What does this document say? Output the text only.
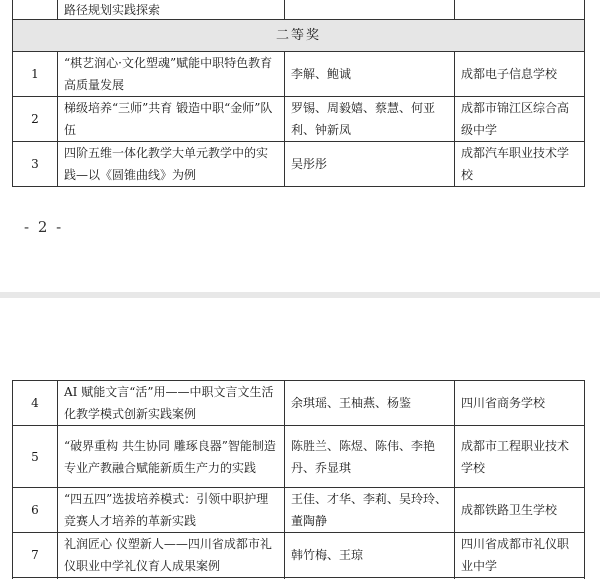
	路径规划实践探索		
二等奖			
1	“棋艺润心·文化塑魂”赋能中职特色教育高质量发展	李解、鲍诚	成都电子信息学校
2	梯级培养“三师”共育 锻造中职“金师”队伍	罗锡、周毅嬉、蔡慧、何亚利、钟新凤	成都市锦江区综合高级中学
3	四阶五维一体化教学大单元教学中的实践—以《圆锥曲线》为例	吴彤彤	成都汽车职业技术学校
- 2 -
4	AI 赋能文言“活”用——中职文言文生活化教学模式创新实践案例	余琪瑶、王柚燕、杨鉴	四川省商务学校
5	“破界重构 共生协同 雕琢良器”智能制造专业产教融合赋能新质生产力的实践	陈胜兰、陈煜、陈伟、李艳丹、乔显琪	成都市工程职业技术学校
6	“四五四”选拔培养模式：引领中职护理竞赛人才培养的革新实践	王佳、才华、李莉、吴玲玲、董陶静	成都铁路卫生学校
7	礼润匠心 仪塑新人——四川省成都市礼仪职业中学礼仪育人成果案例	韩竹梅、王琼	四川省成都市礼仪职业中学
